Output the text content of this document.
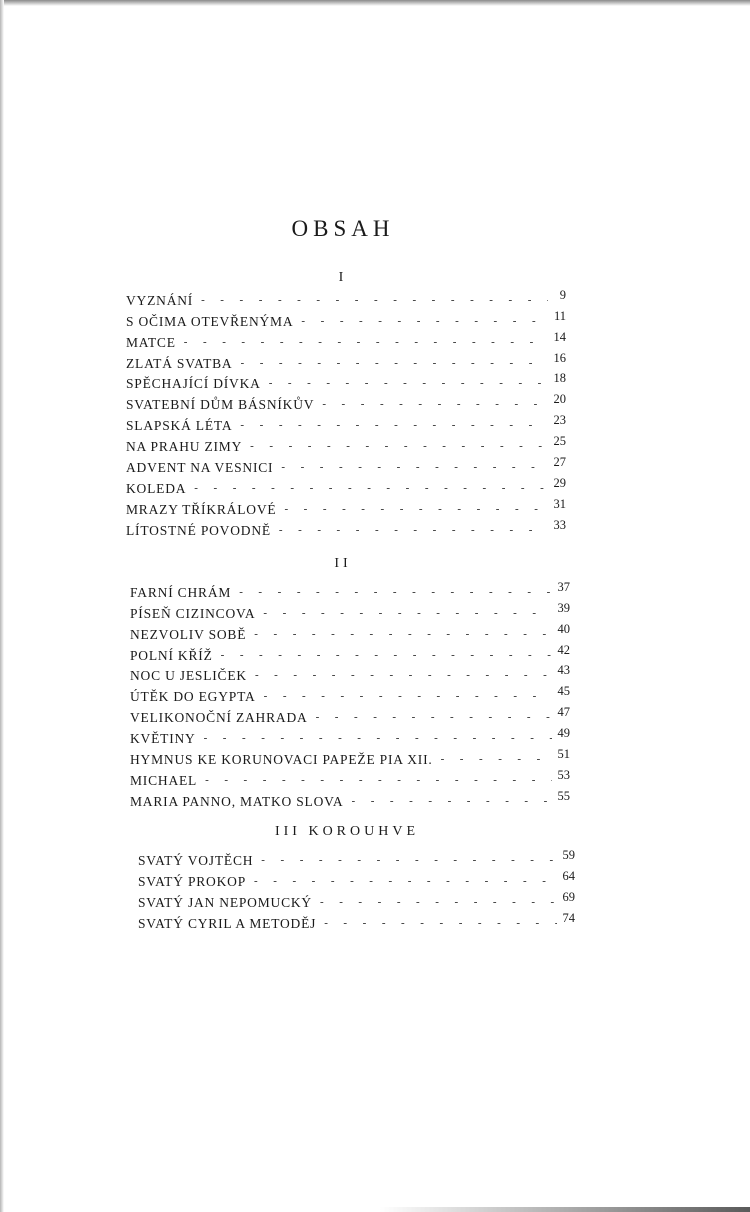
OBSAH
I
VYZNÁNÍ - - -	9
S OČIMA OTEVŘENÝMA - - -	11
MATCE - - -	14
ZLATÁ SVATBA - - -	16
SPĚCHAJÍCÍ DÍVKA - - -	18
SVATEBNÍ DŮM BÁSNÍKŮV - - -	20
SLAPSKÁ LÉTA - - -	23
NA PRAHU ZIMY - - -	25
ADVENT NA VESNICI - - -	27
KOLEDA - - -	29
MRAZY TŘÍKRÁLOVÉ - - -	31
LÍTOSTNÉ POVODNĚ - - -	33
II
FARNÍ CHRÁM - - -	37
PÍSEŇ CIZINCOVA - - -	39
NEZVOLIV SOBĚ - - -	40
POLNÍ KŘÍŽ - - -	42
NOC U JESLIČEK - - -	43
ÚTĚK DO EGYPTA - - -	45
VELIKONOČNÍ ZAHRADA - - -	47
KVĚTINY - - -	49
HYMNUS KE KORUNOVACI PAPEŽE PIA XII. - - -	51
MICHAEL - - -	53
MARIA PANNO, MATKO SLOVA - - -	55
III KOROUHVE
SVATÝ VOJTĚCH - - -	59
SVATÝ PROKOP - - -	64
SVATÝ JAN NEPOMUCKÝ - - -	69
SVATÝ CYRIL A METODĚJ - - -	74
